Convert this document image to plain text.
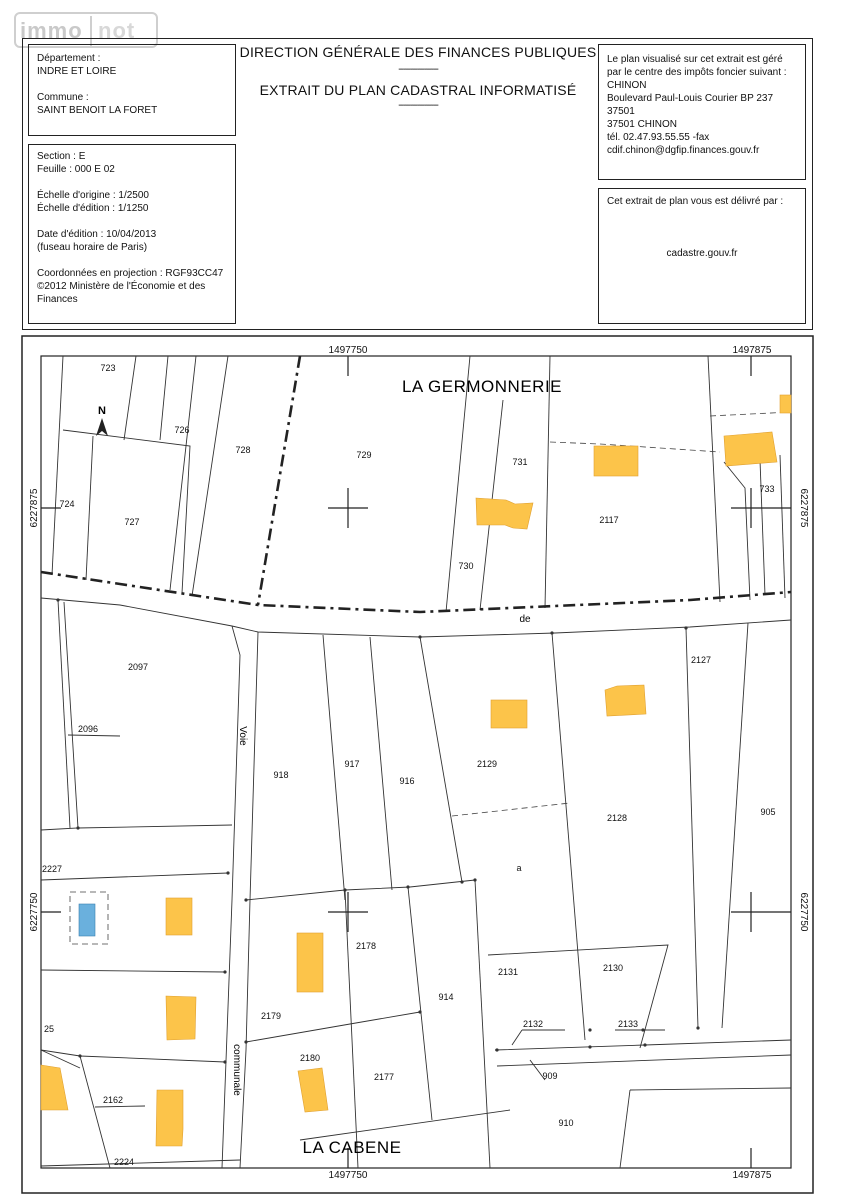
immo not
Département :
INDRE ET LOIRE
Commune :
SAINT BENOIT LA FORET
DIRECTION GÉNÉRALE DES FINANCES PUBLIQUES
-----------------
EXTRAIT DU PLAN CADASTRAL INFORMATISÉ
-----------------
Le plan visualisé sur cet extrait est géré
par le centre des impôts foncier suivant :
CHINON
Boulevard Paul-Louis Courier BP 237
37501
37501 CHINON
tél. 02.47.93.55.55 -fax
cdif.chinon@dgfip.finances.gouv.fr
Cet extrait de plan vous est délivré par :
cadastre.gouv.fr
Section : E
Feuille : 000 E 02
Échelle d'origine : 1/2500
Échelle d'édition : 1/1250
Date d'édition : 10/04/2013
(fuseau horaire de Paris)
Coordonnées en projection : RGF93CC47
©2012 Ministère de l'Économie et des
Finances
N
1497750	1497875
1497750	1497875
6227875
6227750
6227875
6227750
LA GERMONNERIE
LA CABENE
de
Voie
communale
723
726
728	729
731
724
727
730
2117
733
2097
2096
2127
918
917
916
2129
2128
905
a
2227
2178
914
2131	2130
25
2179
2132	2133
2180
2177	909
2162
910
2224
